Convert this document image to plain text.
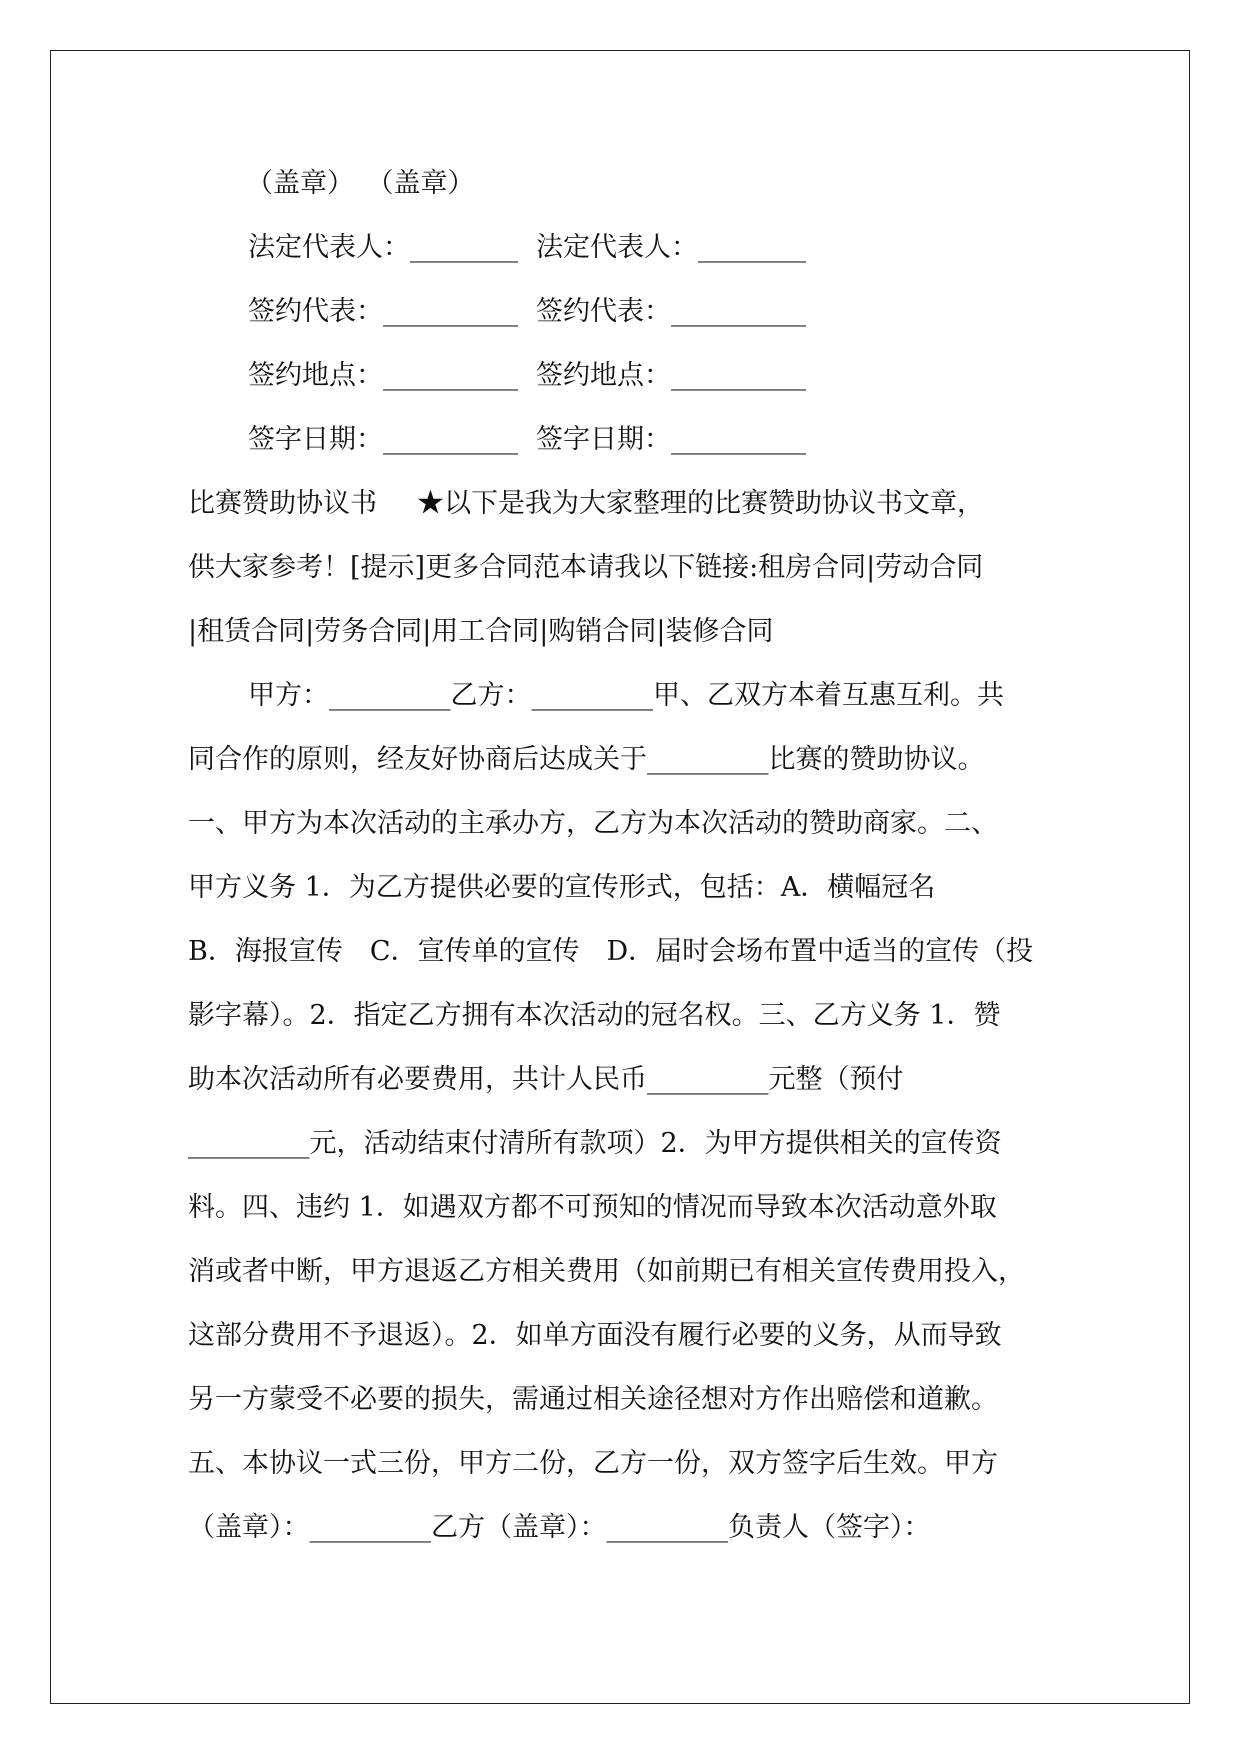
（盖章） （盖章）
法定代表人：________ 法定代表人：________
签约代表：__________ 签约代表：__________
签约地点：__________ 签约地点：__________
签字日期：__________ 签字日期：__________
比赛赞助协议书 ★以下是我为大家整理的比赛赞助协议书文章，
供大家参考！[提示]更多合同范本请我以下链接:租房合同|劳动合同
|租赁合同|劳务合同|用工合同|购销合同|装修合同
甲方：_________乙方：_________甲、乙双方本着互惠互利。共
同合作的原则，经友好协商后达成关于_________比赛的赞助协议。
一、甲方为本次活动的主承办方，乙方为本次活动的赞助商家。二、
甲方义务 1．为乙方提供必要的宣传形式，包括：A．横幅冠名
B．海报宣传　C．宣传单的宣传　D．届时会场布置中适当的宣传（投
影字幕）。2．指定乙方拥有本次活动的冠名权。三、乙方义务 1．赞
助本次活动所有必要费用，共计人民币_________元整（预付
_________元，活动结束付清所有款项）2．为甲方提供相关的宣传资
料。四、违约 1．如遇双方都不可预知的情况而导致本次活动意外取
消或者中断，甲方退返乙方相关费用（如前期已有相关宣传费用投入，
这部分费用不予退返）。2．如单方面没有履行必要的义务，从而导致
另一方蒙受不必要的损失，需通过相关途径想对方作出赔偿和道歉。
五、本协议一式三份，甲方二份，乙方一份，双方签字后生效。甲方
（盖章）：_________乙方（盖章）：_________负责人（签字）：
